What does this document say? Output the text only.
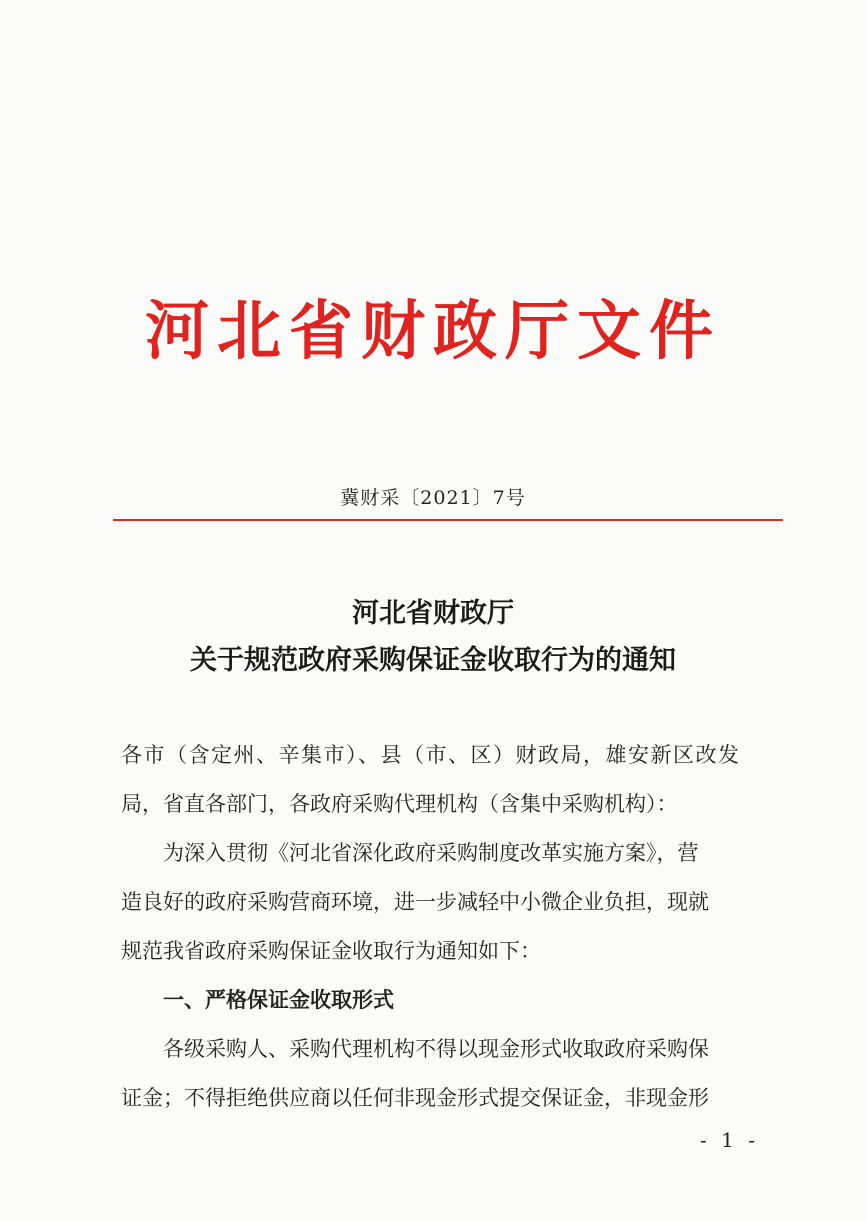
河北省财政厅文件
冀财采〔2021〕7号
河北省财政厅
关于规范政府采购保证金收取行为的通知
各市（含定州、辛集市）、县（市、区）财政局，雄安新区改发
局，省直各部门，各政府采购代理机构（含集中采购机构）：
为深入贯彻《河北省深化政府采购制度改革实施方案》，营
造良好的政府采购营商环境，进一步减轻中小微企业负担，现就
规范我省政府采购保证金收取行为通知如下：
一、严格保证金收取形式
各级采购人、采购代理机构不得以现金形式收取政府采购保
证金；不得拒绝供应商以任何非现金形式提交保证金，非现金形
- 1 -
